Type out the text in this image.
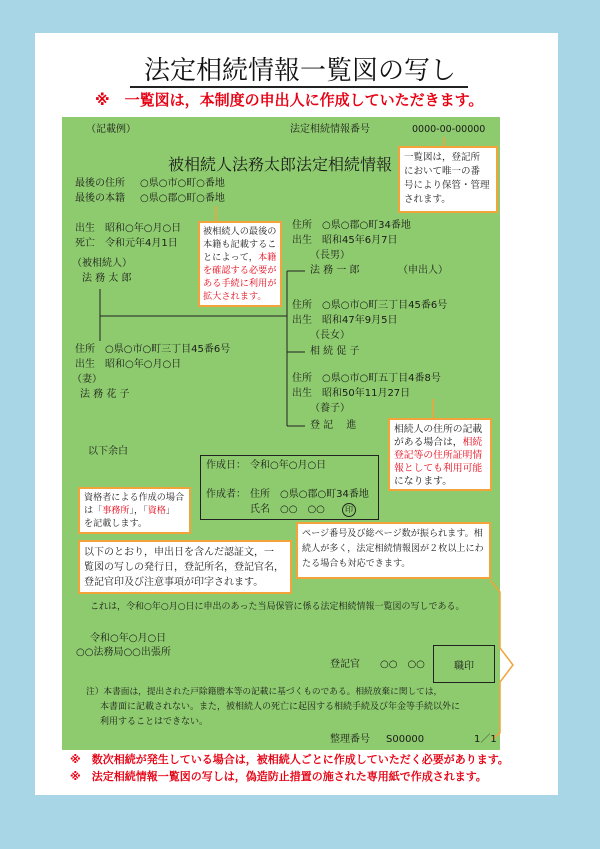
法定相続情報一覧図の写し
※　一覧図は，本制度の申出人に作成していただきます。
（記載例）	法定相続情報番号	0000-00-00000
被相続人法務太郎法定相続情報
最後の住所 ○県○市○町○番地
最後の本籍 ○県○郡○町○番地
出生　昭和○年○月○日
死亡　令和元年4月1日
（被相続人）
法 務 太 郎
住所　○県○市○町三丁目45番6号
出生　昭和○年○月○日
（妻）
法 務 花 子
住所　○県○郡○町34番地
出生　昭和45年6月7日
（長男）
法 務 一 郎	（申出人）
住所　○県○市○町三丁目45番6号
出生　昭和47年9月5日
（長女）
相 続 促 子
住所　○県○市○町五丁目4番8号
出生　昭和50年11月27日
（養子）
登 記 　進
以下余白
作成日： 令和○年○月○日
作成者： 住所　○県○郡○町34番地
氏名　○○　○○	印
これは，令和○年○月○日に申出のあった当局保管に係る法定相続情報一覧図の写しである。
令和○年○月○日
○○法務局○○出張所
登記官 ○○　○○	職印
注）本書面は，提出された戸除籍謄本等の記載に基づくものである。相続放棄に関しては，
本書面に記載されない。また，被相続人の死亡に起因する相続手続及び年金等手続以外に
利用することはできない。
整理番号 S00000	1／1
一覧図は，登記所
において唯一の番
号により保管・管理
されます。
被相続人の最後の
本籍も記載するこ
とによって，本籍
を確認する必要が
ある手続に利用が
拡大されます。
相続人の住所の記載
がある場合は，相続
登記等の住所証明情
報としても利用可能
になります。
資格者による作成の場合
は「事務所」，「資格」
を記載します。
以下のとおり，申出日を含んだ認証文，一
覧図の写しの発行日，登記所名，登記官名，
登記官印及び注意事項が印字されます。
ページ番号及び総ページ数が振られます。相
続人が多く，法定相続情報図が２枚以上にわ
たる場合も対応できます。
※　数次相続が発生している場合は，被相続人ごとに作成していただく必要があります。
※　法定相続情報一覧図の写しは，偽造防止措置の施された専用紙で作成されます。
